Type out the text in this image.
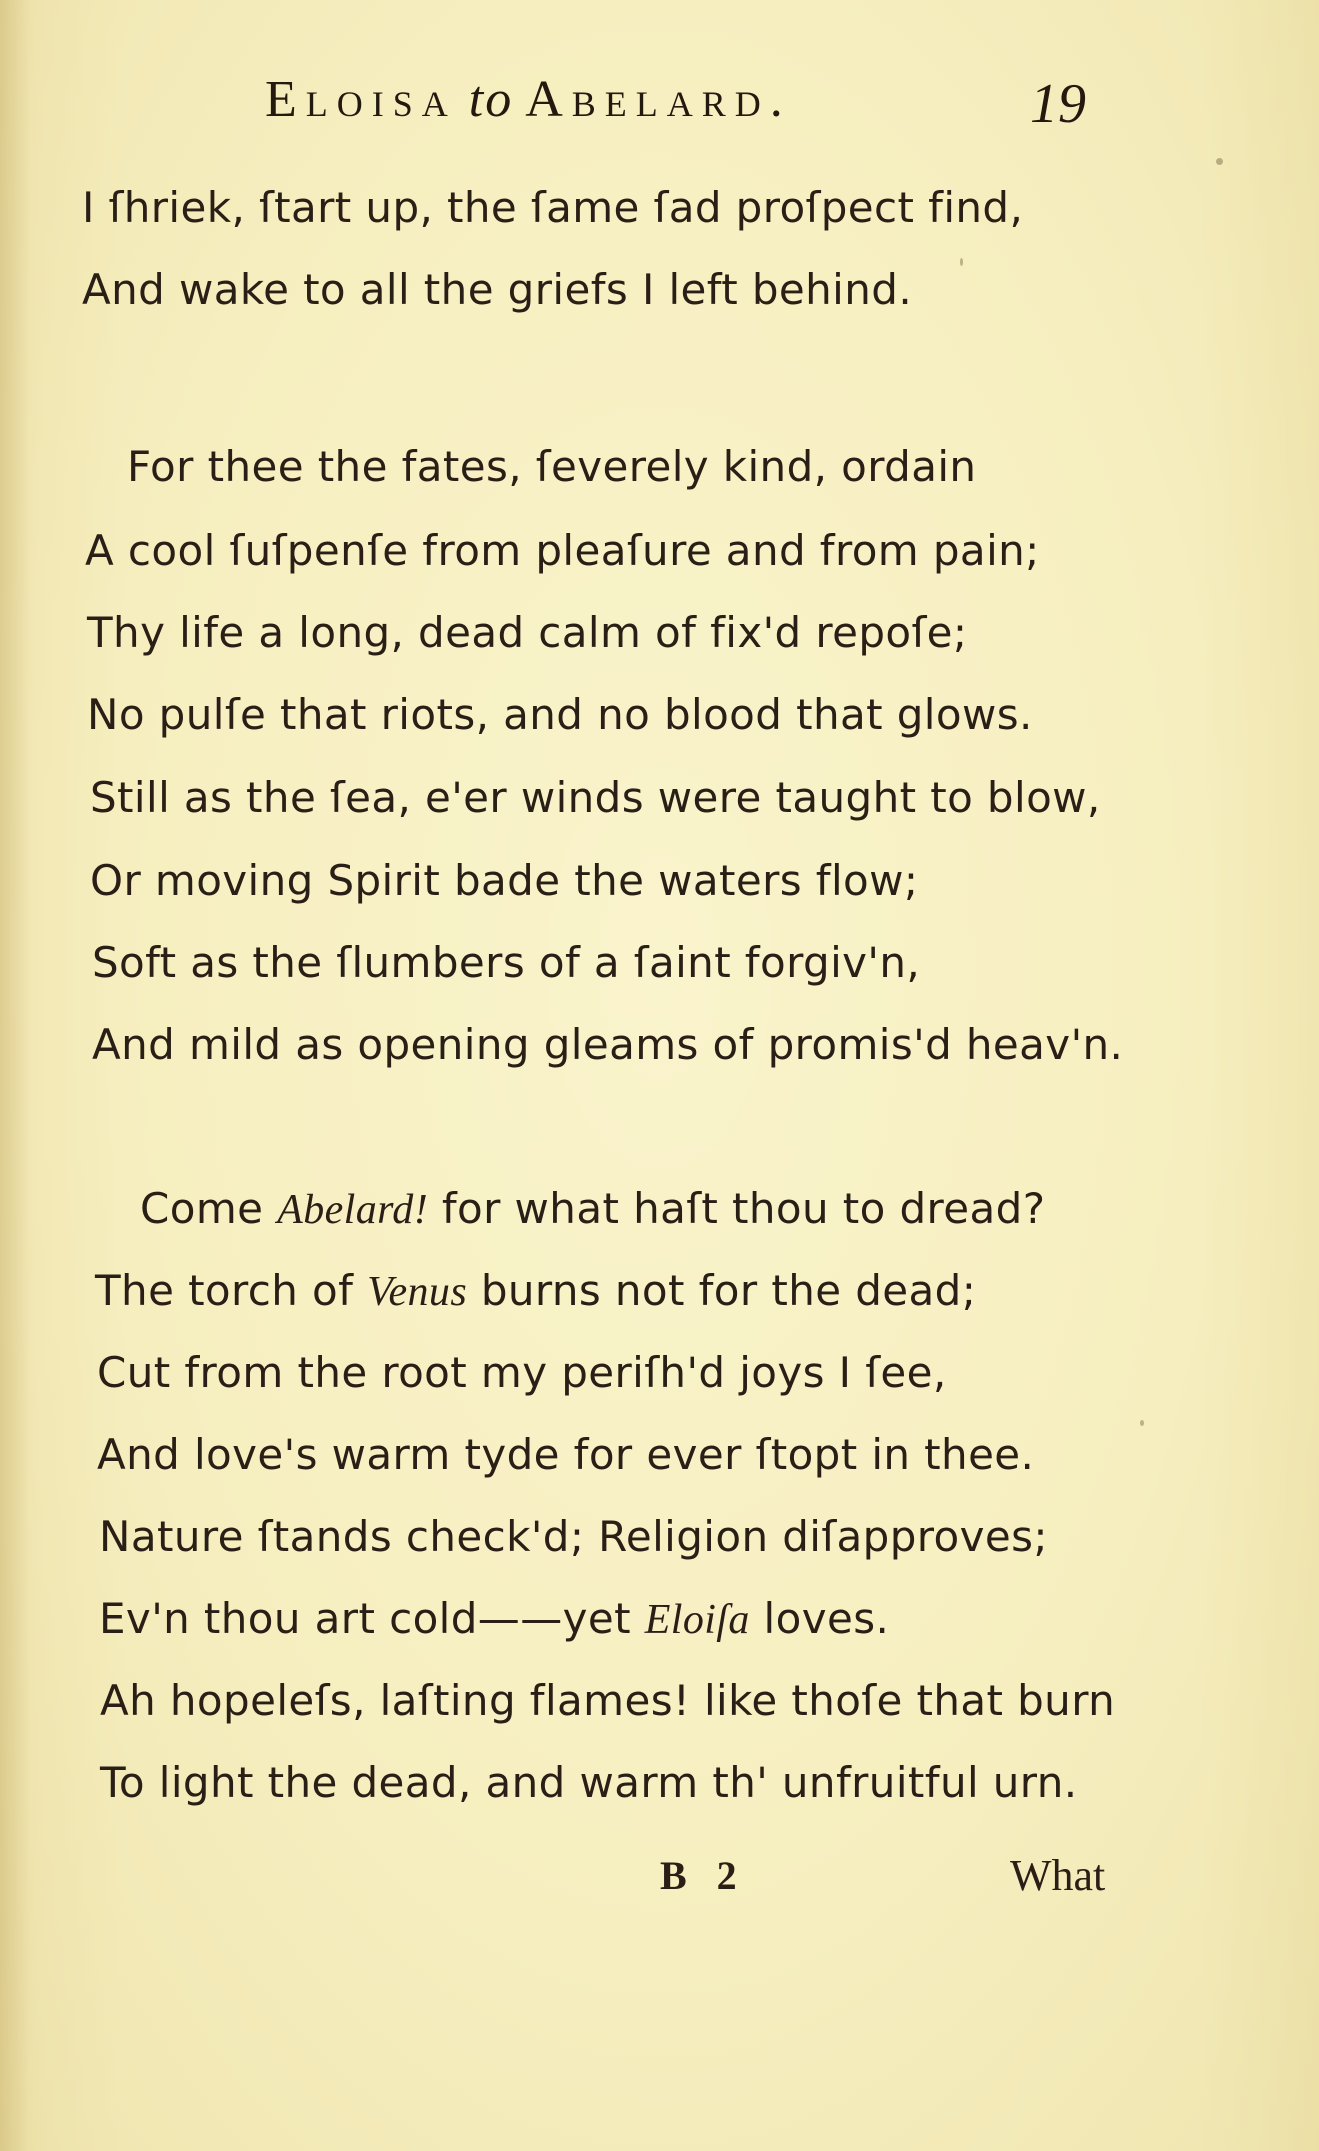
Eloisa to Abelard.	19
I ſhriek, ſtart up, the ſame ſad proſpect find,
And wake to all the griefs I left behind.
For thee the fates, ſeverely kind, ordain
A cool ſuſpenſe from pleaſure and from pain;
Thy life a long, dead calm of fix'd repoſe;
No pulſe that riots, and no blood that glows.
Still as the ſea, e'er winds were taught to blow,
Or moving Spirit bade the waters flow;
Soft as the ſlumbers of a ſaint forgiv'n,
And mild as opening gleams of promis'd heav'n.
Come Abelard! for what haſt thou to dread?
The torch of Venus burns not for the dead;
Cut from the root my periſh'd joys I ſee,
And love's warm tyde for ever ſtopt in thee.
Nature ſtands check'd; Religion diſapproves;
Ev'n thou art cold——yet Eloiſa loves.
Ah hopeleſs, laſting flames! like thoſe that burn
To light the dead, and warm th' unfruitful urn.
B 2	What
